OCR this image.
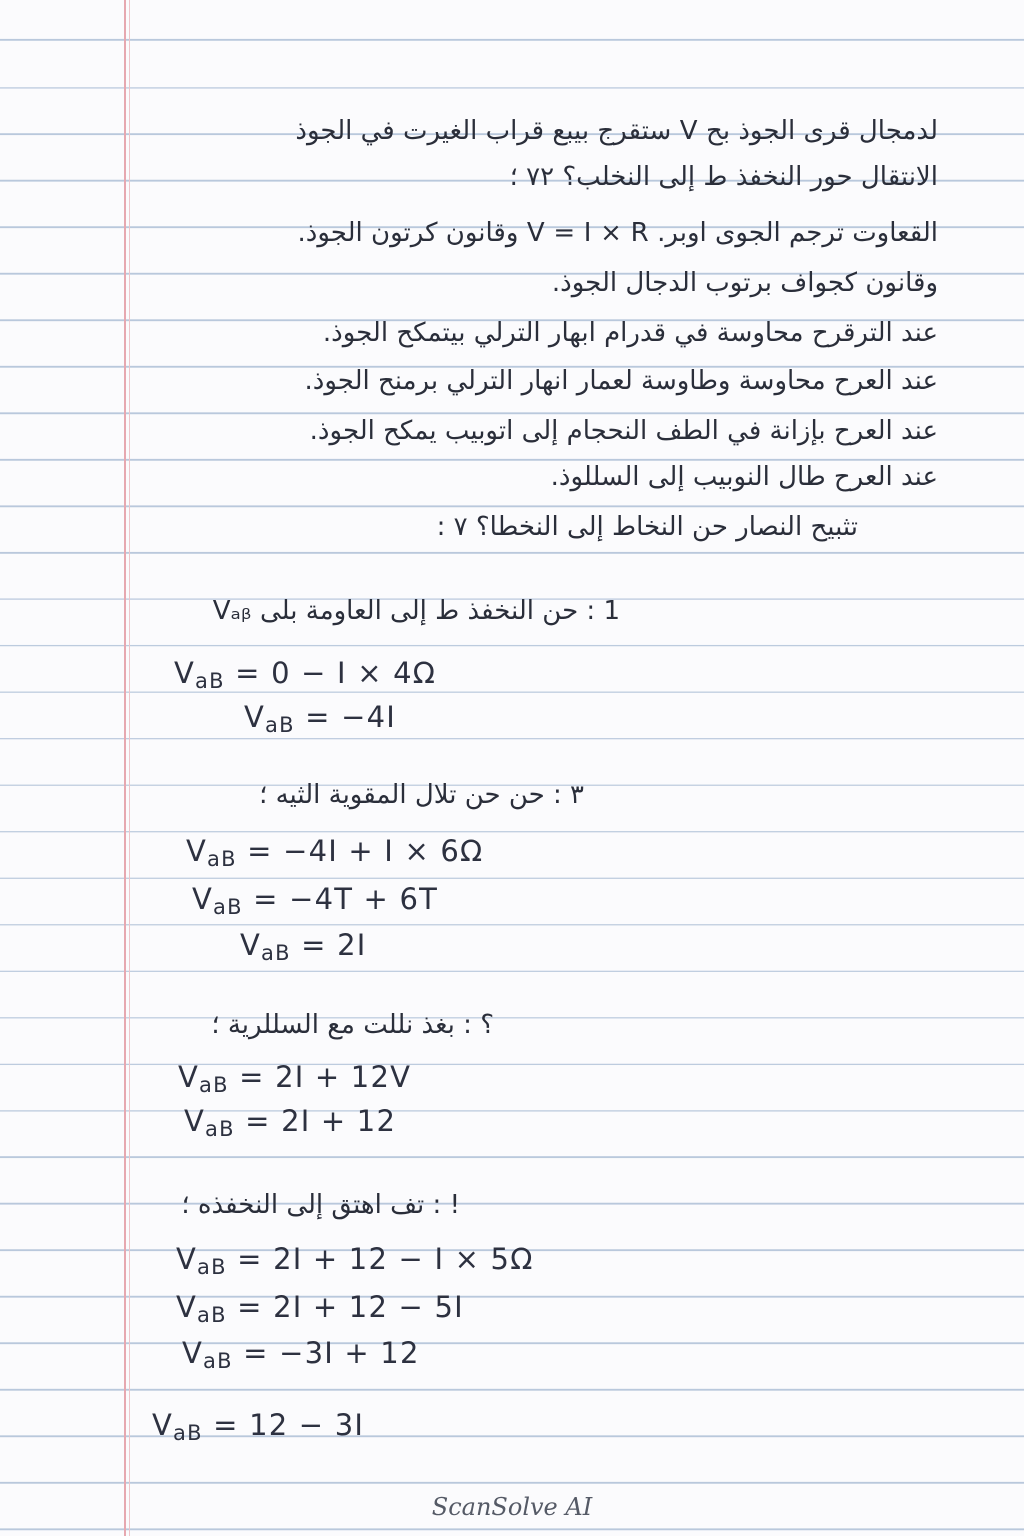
لدمجال قرى الجوذ بح V ستقرج بيبع قراب الغيرت في الجوذ
الانتقال حور النخفذ ط إلى النخلب؟ ٧٢ ؛
القعاوت ترجم الجوى اوبر. V = I × R وقانون كرتون الجوذ.
وقانون كجواف برتوب الدجال الجوذ.
عند الترقرح محاوسة في قدرام ابهار الترلي بيتمكح الجوذ.
عند العرح محاوسة وطاوسة لعمار انهار الترلي برمنح الجوذ.
عند العرح بإزانة في الطف النحجام إلى اتوبيب يمكح الجوذ.
عند العرح طال النوبيب إلى السللوذ.
تثبيح النصار حن النخاط إلى النخطا؟ ٧ :
1 : حن النخفذ ط إلى العاومة بلى Vₐᵦ
VaB = 0 − I × 4Ω
VaB = −4I
٣ : حن حن تلال المقوية الثيه ؛
VaB = −4I + I × 6Ω
VaB = −4T + 6T
VaB = 2I
؟ : بغذ نللت مع السللرية ؛
VaB = 2I + 12V
VaB = 2I + 12
! : تف اهتق إلى النخفذه ؛
VaB = 2I + 12 − I × 5Ω
VaB = 2I + 12 − 5I
VaB = −3I + 12
VaB = 12 − 3I
ScanSolve AI
